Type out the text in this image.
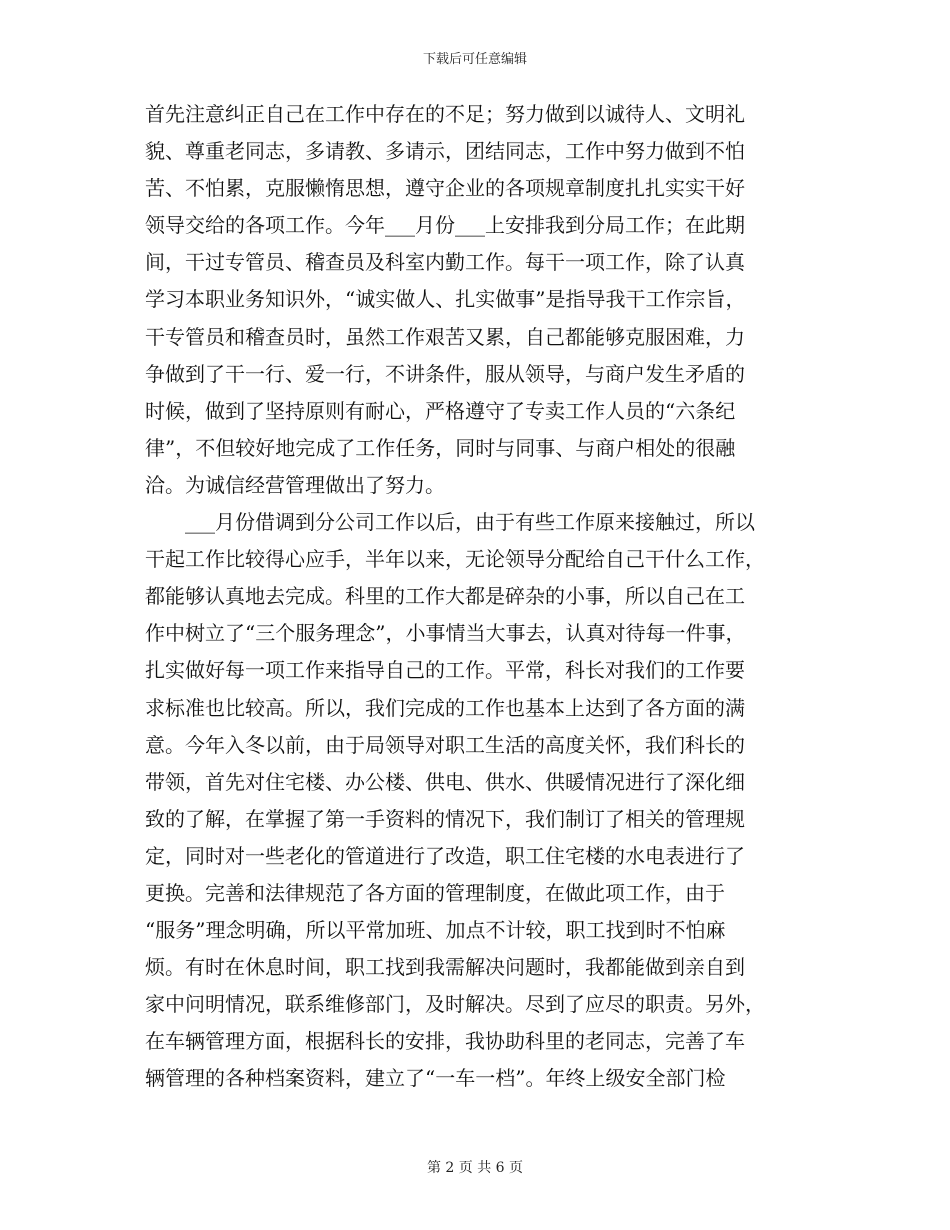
下载后可任意编辑
首先注意纠正自己在工作中存在的不足；努力做到以诚待人、文明礼
貌、尊重老同志，多请教、多请示，团结同志，工作中努力做到不怕
苦、不怕累，克服懒惰思想，遵守企业的各项规章制度扎扎实实干好
领导交给的各项工作。今年___月份___上安排我到分局工作；在此期
间，干过专管员、稽查员及科室内勤工作。每干一项工作，除了认真
学习本职业务知识外，“诚实做人、扎实做事”是指导我干工作宗旨，
干专管员和稽查员时，虽然工作艰苦又累，自己都能够克服困难，力
争做到了干一行、爱一行，不讲条件，服从领导，与商户发生矛盾的
时候，做到了坚持原则有耐心，严格遵守了专卖工作人员的“六条纪
律”，不但较好地完成了工作任务，同时与同事、与商户相处的很融
洽。为诚信经营管理做出了努力。
___月份借调到分公司工作以后，由于有些工作原来接触过，所以
干起工作比较得心应手，半年以来，无论领导分配给自己干什么工作，
都能够认真地去完成。科里的工作大都是碎杂的小事，所以自己在工
作中树立了“三个服务理念”，小事情当大事去，认真对待每一件事，
扎实做好每一项工作来指导自己的工作。平常，科长对我们的工作要
求标准也比较高。所以，我们完成的工作也基本上达到了各方面的满
意。今年入冬以前，由于局领导对职工生活的高度关怀，我们科长的
带领，首先对住宅楼、办公楼、供电、供水、供暖情况进行了深化细
致的了解，在掌握了第一手资料的情况下，我们制订了相关的管理规
定，同时对一些老化的管道进行了改造，职工住宅楼的水电表进行了
更换。完善和法律规范了各方面的管理制度，在做此项工作，由于
“服务”理念明确，所以平常加班、加点不计较，职工找到时不怕麻
烦。有时在休息时间，职工找到我需解决问题时，我都能做到亲自到
家中问明情况，联系维修部门，及时解决。尽到了应尽的职责。另外，
在车辆管理方面，根据科长的安排，我协助科里的老同志，完善了车
辆管理的各种档案资料，建立了“一车一档”。年终上级安全部门检
第 2 页 共 6 页
